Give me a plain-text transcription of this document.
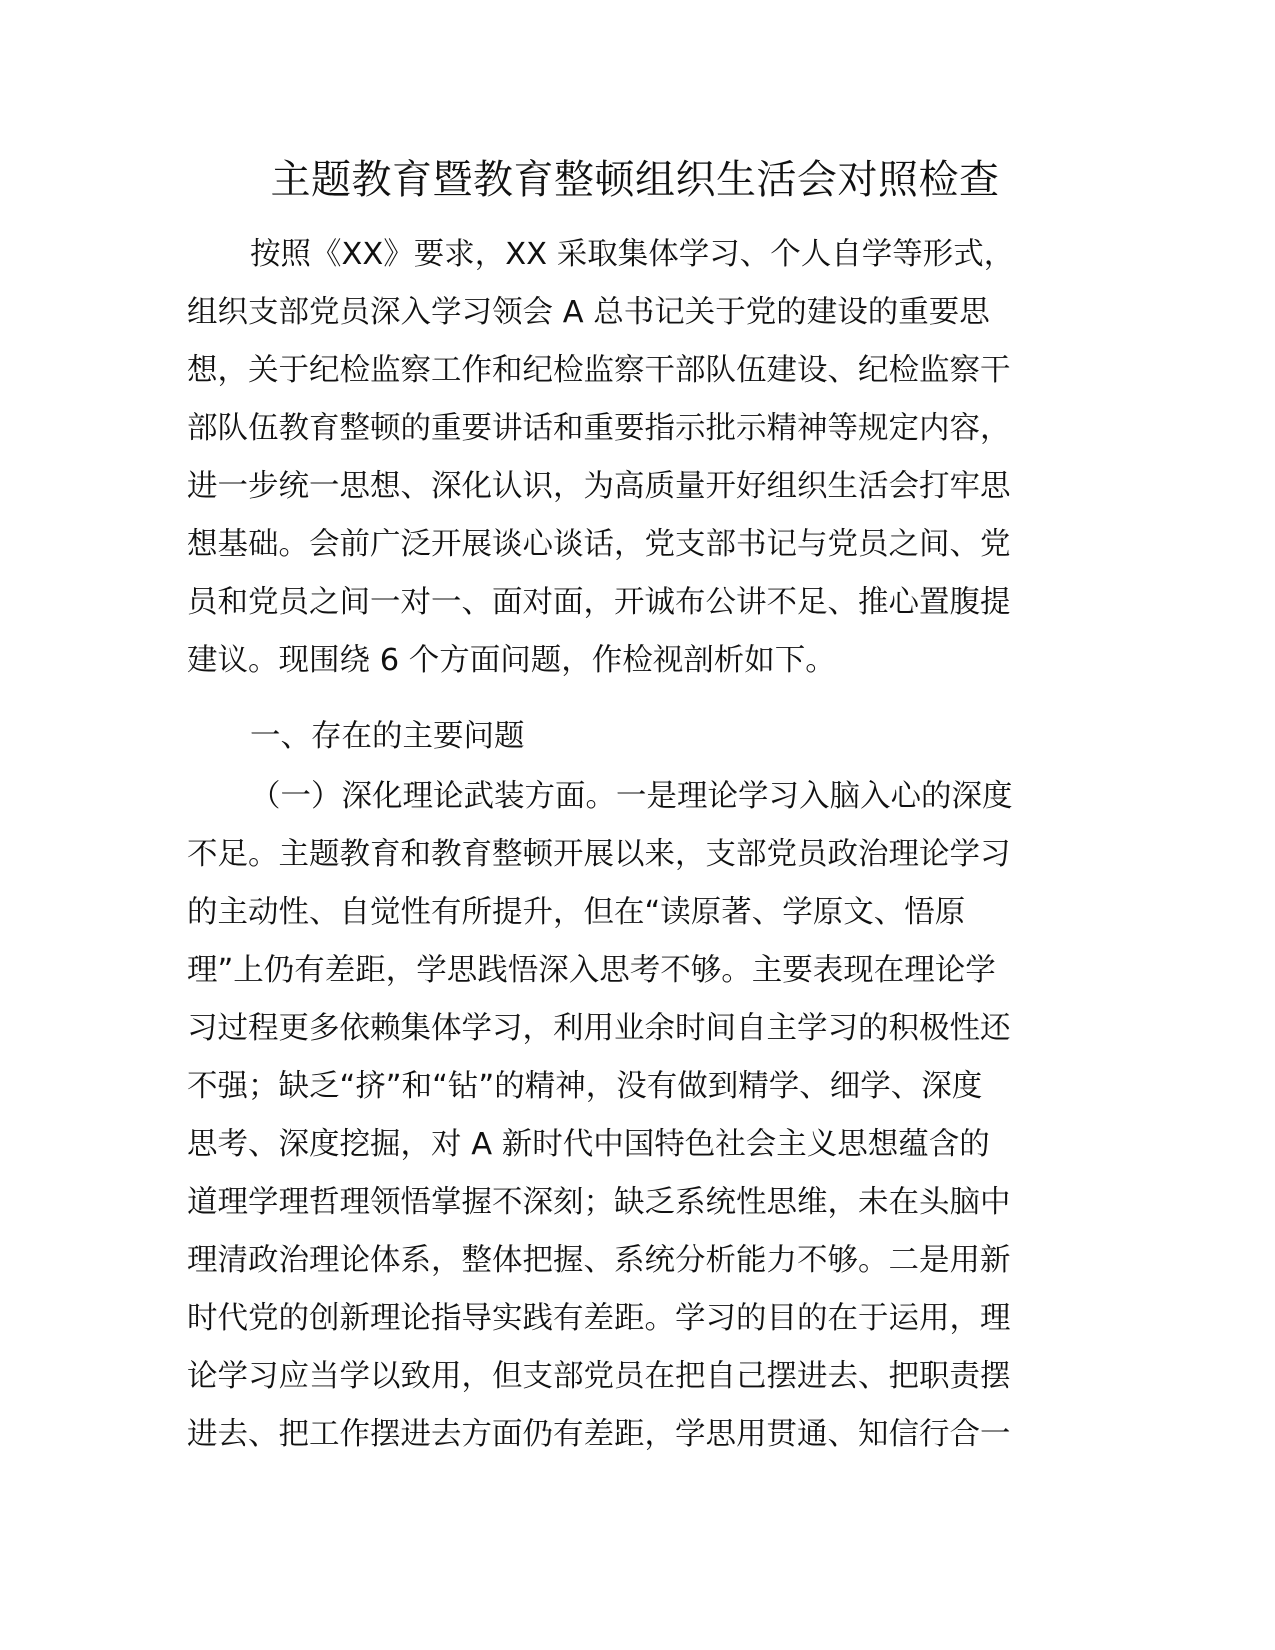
主题教育暨教育整顿组织生活会对照检查
按照《XX》要求，XX 采取集体学习、个人自学等形式，
组织支部党员深入学习领会 A 总书记关于党的建设的重要思
想，关于纪检监察工作和纪检监察干部队伍建设、纪检监察干
部队伍教育整顿的重要讲话和重要指示批示精神等规定内容，
进一步统一思想、深化认识，为高质量开好组织生活会打牢思
想基础。会前广泛开展谈心谈话，党支部书记与党员之间、党
员和党员之间一对一、面对面，开诚布公讲不足、推心置腹提
建议。现围绕 6 个方面问题，作检视剖析如下。
一、存在的主要问题
（一）深化理论武装方面。一是理论学习入脑入心的深度
不足。主题教育和教育整顿开展以来，支部党员政治理论学习
的主动性、自觉性有所提升，但在“读原著、学原文、悟原
理”上仍有差距，学思践悟深入思考不够。主要表现在理论学
习过程更多依赖集体学习，利用业余时间自主学习的积极性还
不强；缺乏“挤”和“钻”的精神，没有做到精学、细学、深度
思考、深度挖掘，对 A 新时代中国特色社会主义思想蕴含的
道理学理哲理领悟掌握不深刻；缺乏系统性思维，未在头脑中
理清政治理论体系，整体把握、系统分析能力不够。二是用新
时代党的创新理论指导实践有差距。学习的目的在于运用，理
论学习应当学以致用，但支部党员在把自己摆进去、把职责摆
进去、把工作摆进去方面仍有差距，学思用贯通、知信行合一
